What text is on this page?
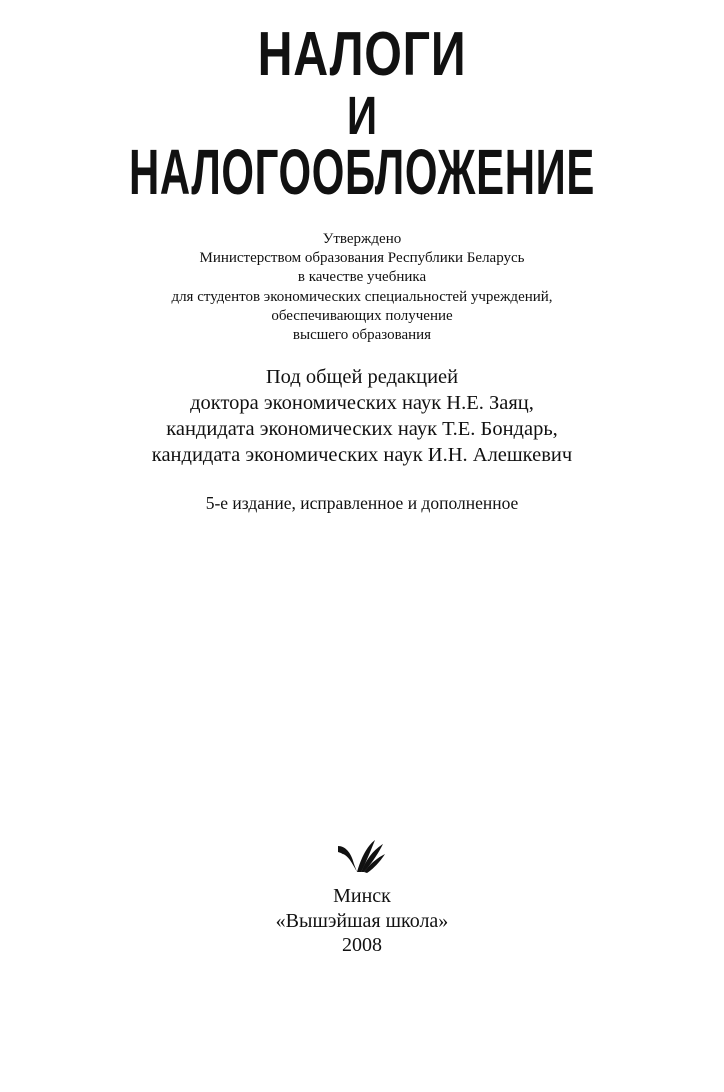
НАЛОГИ
И
НАЛОГООБЛОЖЕНИЕ
Утверждено
Министерством образования Республики Беларусь
в качестве учебника
для студентов экономических специальностей учреждений,
обеспечивающих получение
высшего образования
Под общей редакцией
доктора экономических наук Н.Е. Заяц,
кандидата экономических наук Т.Е. Бондарь,
кандидата экономических наук И.Н. Алешкевич
5-е издание, исправленное и дополненное
Минск
«Вышэйшая школа»
2008
